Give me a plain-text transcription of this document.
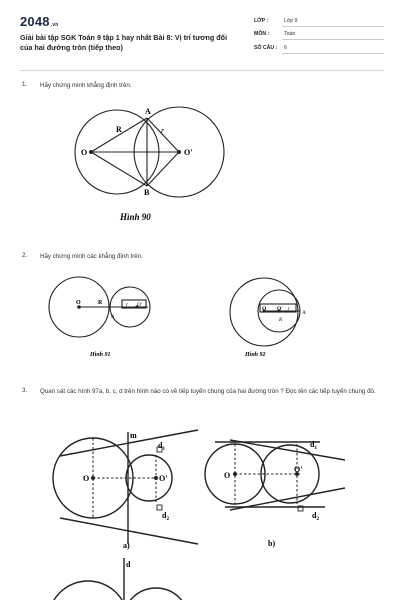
2048.vn
Giải bài tập SGK Toán 9 tập 1 hay nhất Bài 8: Vị trí tương đối của hai đường tròn (tiếp theo)
LỚP :	Lớp 9
MÔN :	Toán
SỐ CÂU : 6
1. Hãy chứng minh khẳng định trên.
A
B
O	O'
R	r
Hình 90
2. Hãy chứng minh các khẳng định trên.
O	R	r O'
A
Hình 91
O O' r
R
A
Hình 92
3. Quan sát các hình 97a, b, c, d trên hình nào có vẽ tiếp tuyến chung của hai đường tròn ? Đọc tên các tiếp tuyến chung đó.
m
$d_1$
$d_2$
O	O'
a)
$d_1$
$d_2$
O
O'
b)
d
